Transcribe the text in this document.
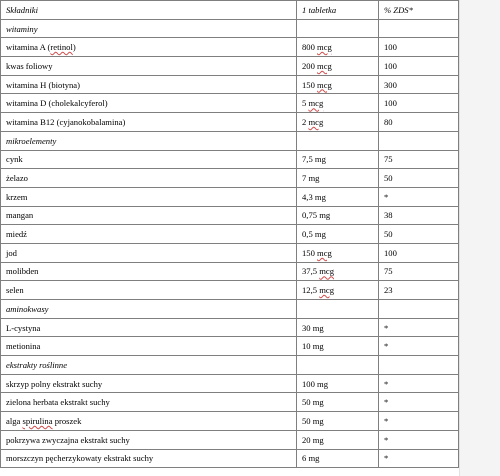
Składniki	1 tabletka	% ZDS*
witaminy		
witamina A (retinol)	800 mcg	100
kwas foliowy	200 mcg	100
witamina H (biotyna)	150 mcg	300
witamina D (cholekalcyferol)	5 mcg	100
witamina B12 (cyjanokobalamina)	2 mcg	80
mikroelementy		
cynk	7,5 mg	75
żelazo	7 mg	50
krzem	4,3 mg	*
mangan	0,75 mg	38
miedź	0,5 mg	50
jod	150 mcg	100
molibden	37,5 mcg	75
selen	12,5 mcg	23
aminokwasy		
L-cystyna	30 mg	*
metionina	10 mg	*
ekstrakty roślinne		
skrzyp polny ekstrakt suchy	100 mg	*
zielona herbata ekstrakt suchy	50 mg	*
alga spirulina proszek	50 mg	*
pokrzywa zwyczajna ekstrakt suchy	20 mg	*
morszczyn pęcherzykowaty ekstrakt suchy	6 mg	*
